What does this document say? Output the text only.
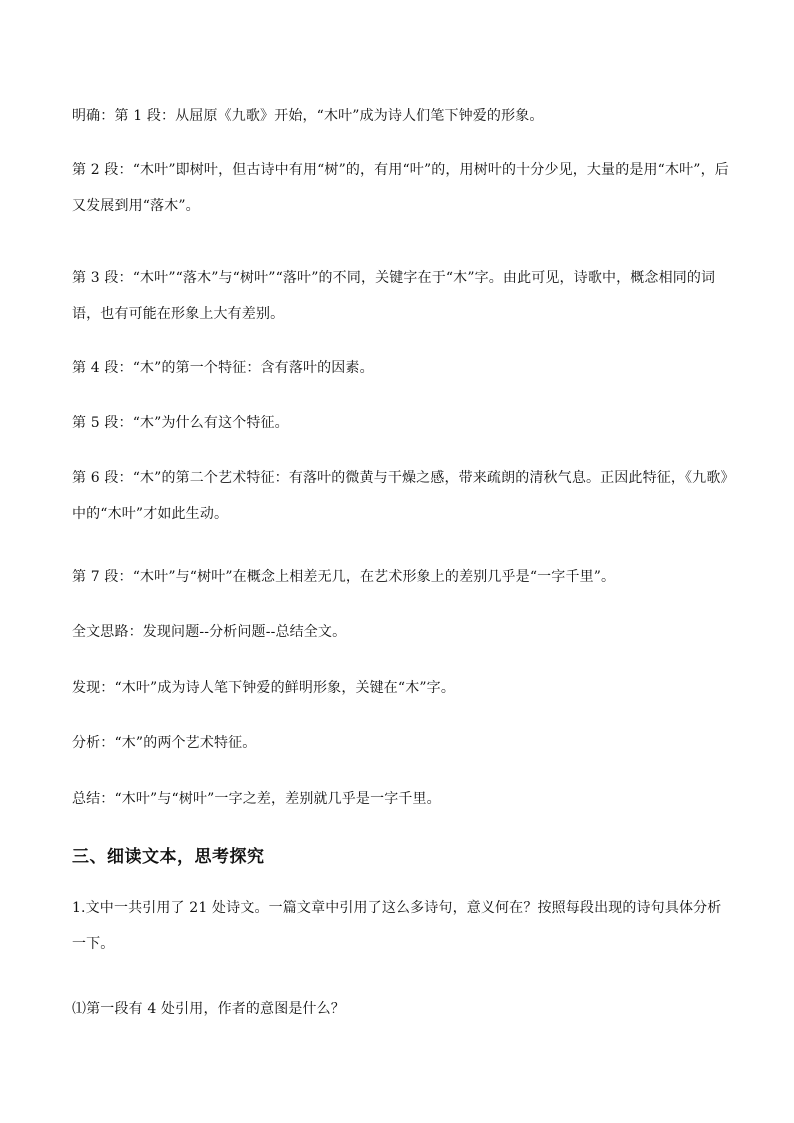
明确：第 1 段：从屈原《九歌》开始，“木叶”成为诗人们笔下钟爱的形象。
第 2 段：“木叶”即树叶，但古诗中有用“树”的，有用“叶”的，用树叶的十分少见，大量的是用“木叶”，后又发展到用“落木”。
第 3 段：“木叶”“落木”与“树叶”“落叶”的不同，关键字在于“木”字。由此可见，诗歌中，概念相同的词语，也有可能在形象上大有差别。
第 4 段：“木”的第一个特征：含有落叶的因素。
第 5 段：“木”为什么有这个特征。
第 6 段：“木”的第二个艺术特征：有落叶的微黄与干燥之感，带来疏朗的清秋气息。正因此特征，《九歌》中的“木叶”才如此生动。
第 7 段：“木叶”与“树叶”在概念上相差无几，在艺术形象上的差别几乎是“一字千里”。
全文思路：发现问题--分析问题--总结全文。
发现：“木叶”成为诗人笔下钟爱的鲜明形象，关键在“木”字。
分析：“木”的两个艺术特征。
总结：“木叶”与“树叶”一字之差，差别就几乎是一字千里。
三、细读文本，思考探究
1.文中一共引用了 21 处诗文。一篇文章中引用了这么多诗句，意义何在？按照每段出现的诗句具体分析一下。
⑴第一段有 4 处引用，作者的意图是什么？
